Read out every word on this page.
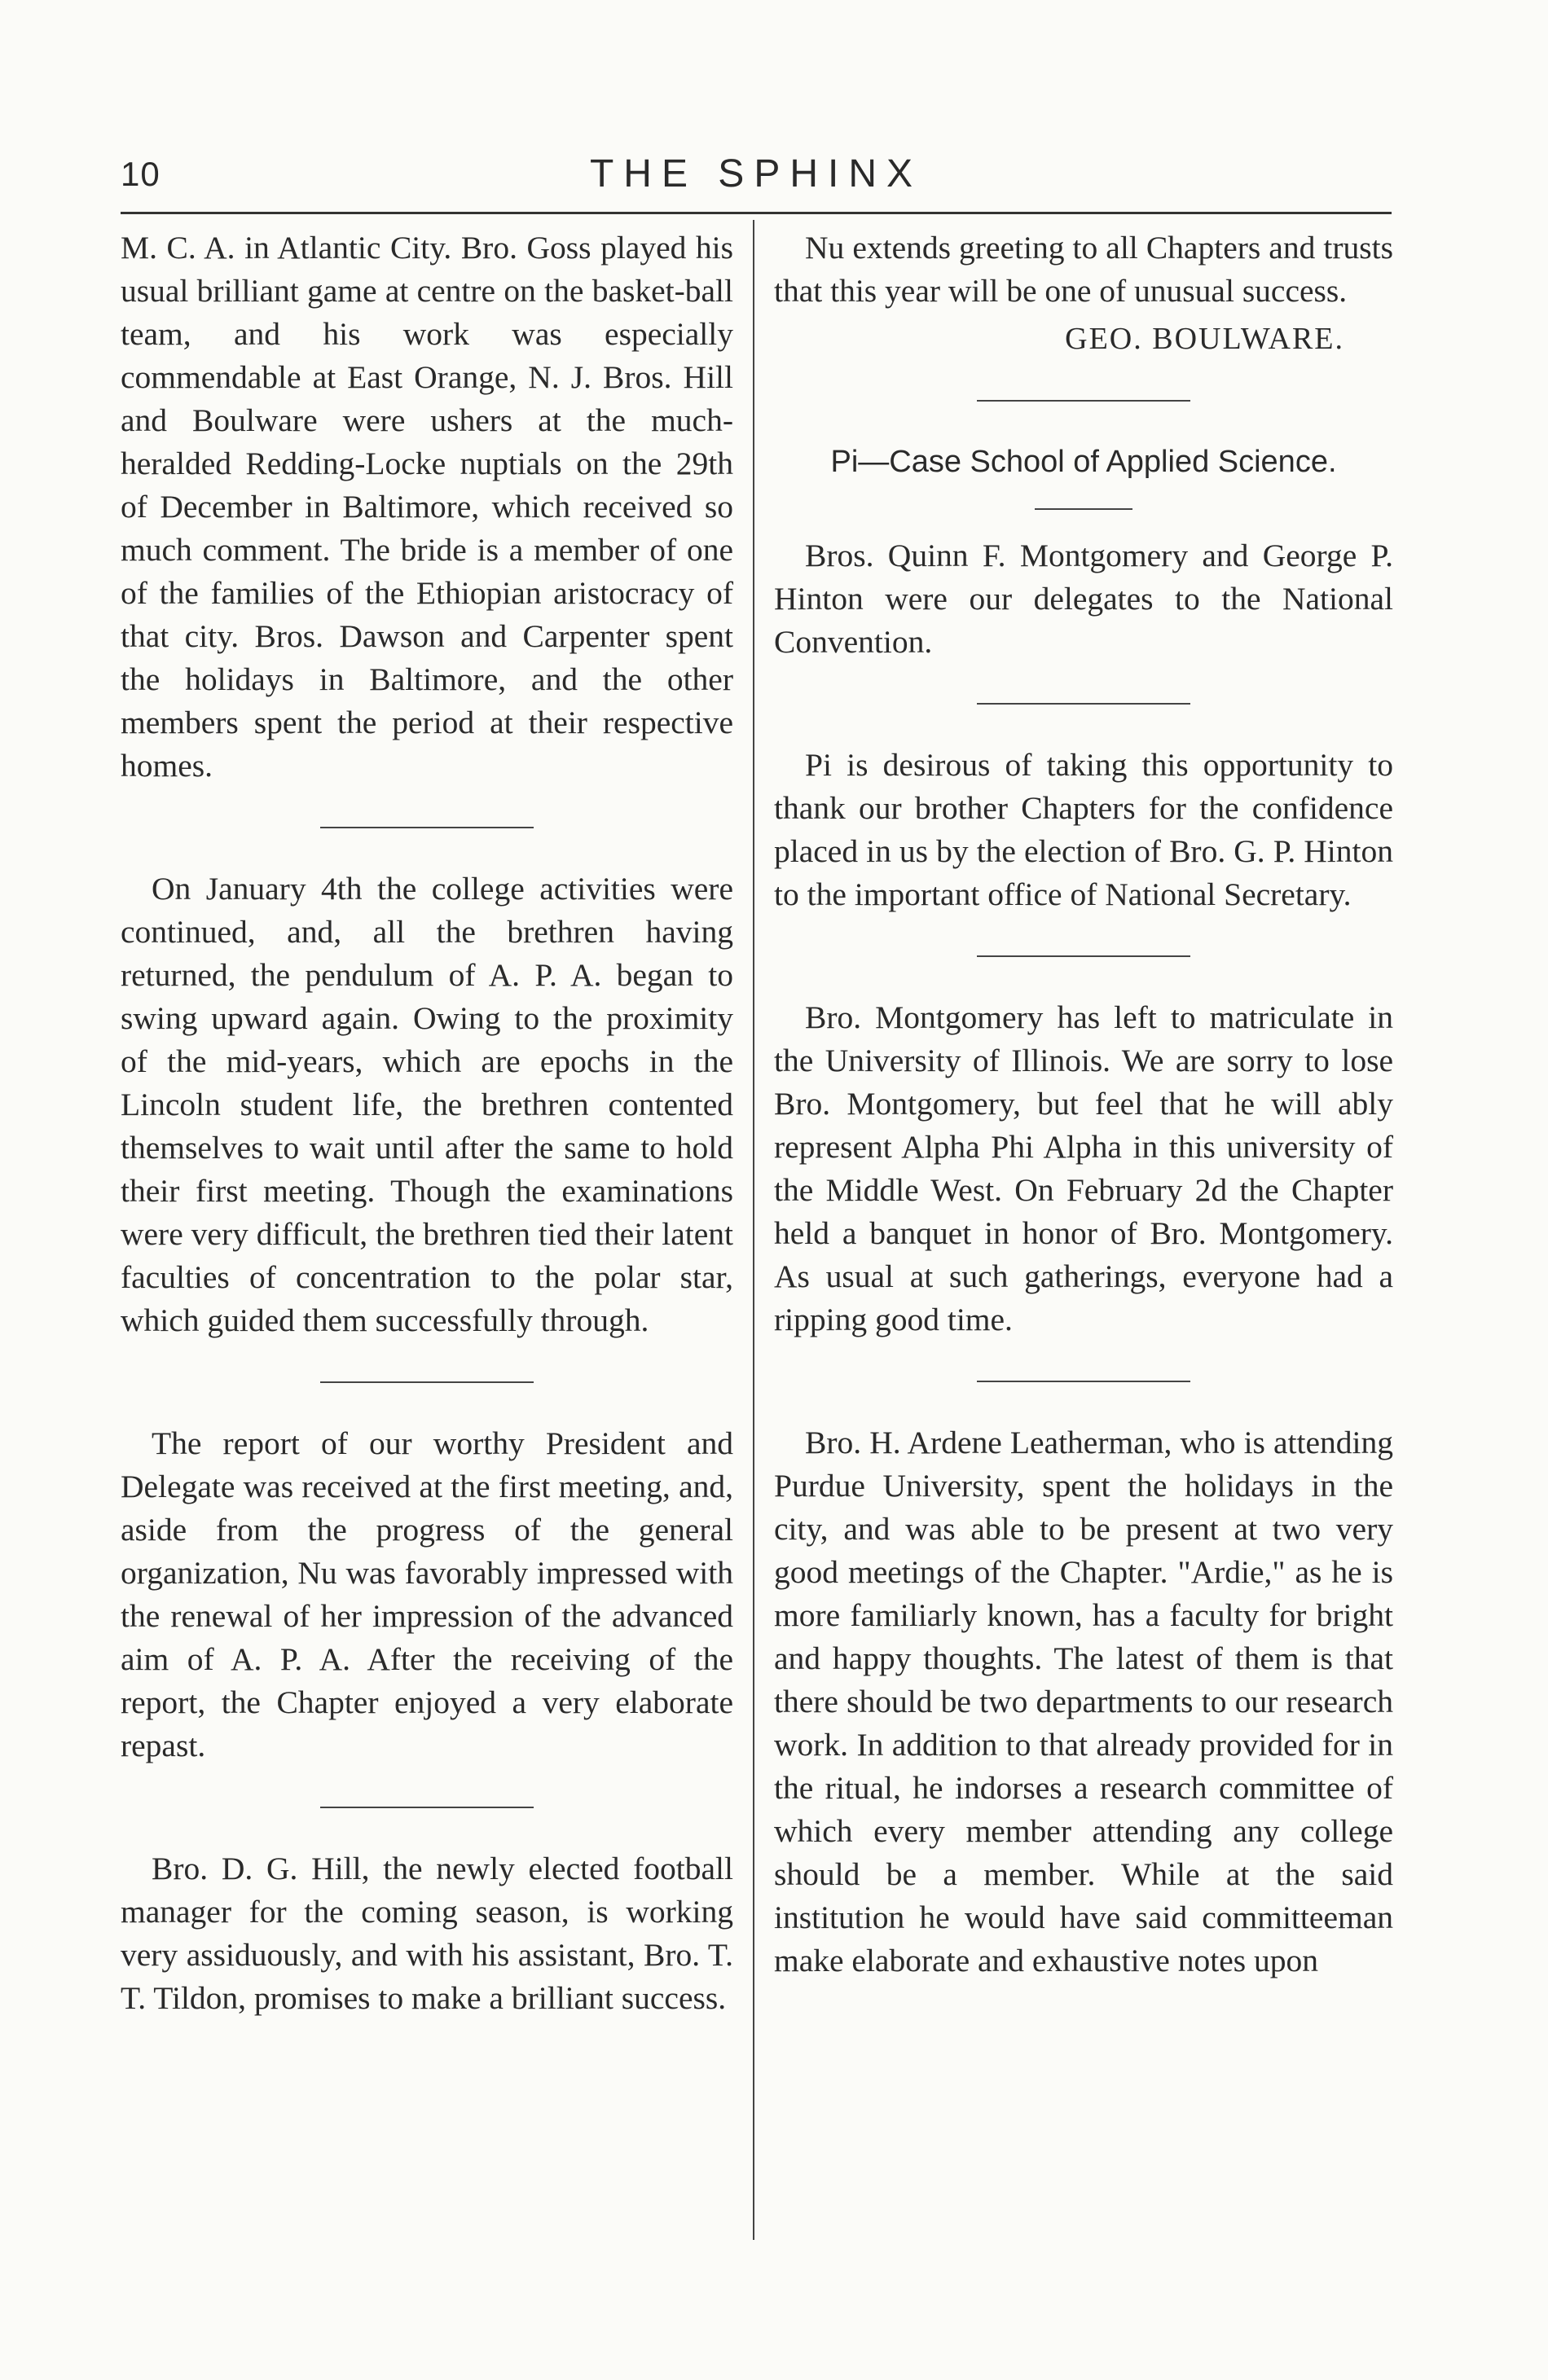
10	THE SPHINX

M. C. A. in Atlantic City. Bro. Goss played his usual brilliant game at centre on the basket-ball team, and his work was especially commendable at East Orange, N. J. Bros. Hill and Boulware were ushers at the much-heralded Redding-Locke nuptials on the 29th of December in Baltimore, which received so much comment. The bride is a member of one of the families of the Ethiopian aristocracy of that city. Bros. Dawson and Carpenter spent the holidays in Baltimore, and the other members spent the period at their respective homes.

On January 4th the college activities were continued, and, all the brethren having returned, the pendulum of A. P. A. began to swing upward again. Owing to the proximity of the mid-years, which are epochs in the Lincoln student life, the brethren contented themselves to wait until after the same to hold their first meeting. Though the examinations were very difficult, the brethren tied their latent faculties of concentration to the polar star, which guided them successfully through.

The report of our worthy President and Delegate was received at the first meeting, and, aside from the progress of the general organization, Nu was favorably impressed with the renewal of her impression of the advanced aim of A. P. A. After the receiving of the report, the Chapter enjoyed a very elaborate repast.

Bro. D. G. Hill, the newly elected football manager for the coming season, is working very assiduously, and with his assistant, Bro. T. T. Tildon, promises to make a brilliant success.

Nu extends greeting to all Chapters and trusts that this year will be one of unusual success.

GEO. BOULWARE.

Pi—Case School of Applied Science.

Bros. Quinn F. Montgomery and George P. Hinton were our delegates to the National Convention.

Pi is desirous of taking this opportunity to thank our brother Chapters for the confidence placed in us by the election of Bro. G. P. Hinton to the important office of National Secretary.

Bro. Montgomery has left to matriculate in the University of Illinois. We are sorry to lose Bro. Montgomery, but feel that he will ably represent Alpha Phi Alpha in this university of the Middle West. On February 2d the Chapter held a banquet in honor of Bro. Montgomery. As usual at such gatherings, everyone had a ripping good time.

Bro. H. Ardene Leatherman, who is attending Purdue University, spent the holidays in the city, and was able to be present at two very good meetings of the Chapter. "Ardie," as he is more familiarly known, has a faculty for bright and happy thoughts. The latest of them is that there should be two departments to our research work. In addition to that already provided for in the ritual, he indorses a research committee of which every member attending any college should be a member. While at the said institution he would have said committeeman make elaborate and exhaustive notes upon
